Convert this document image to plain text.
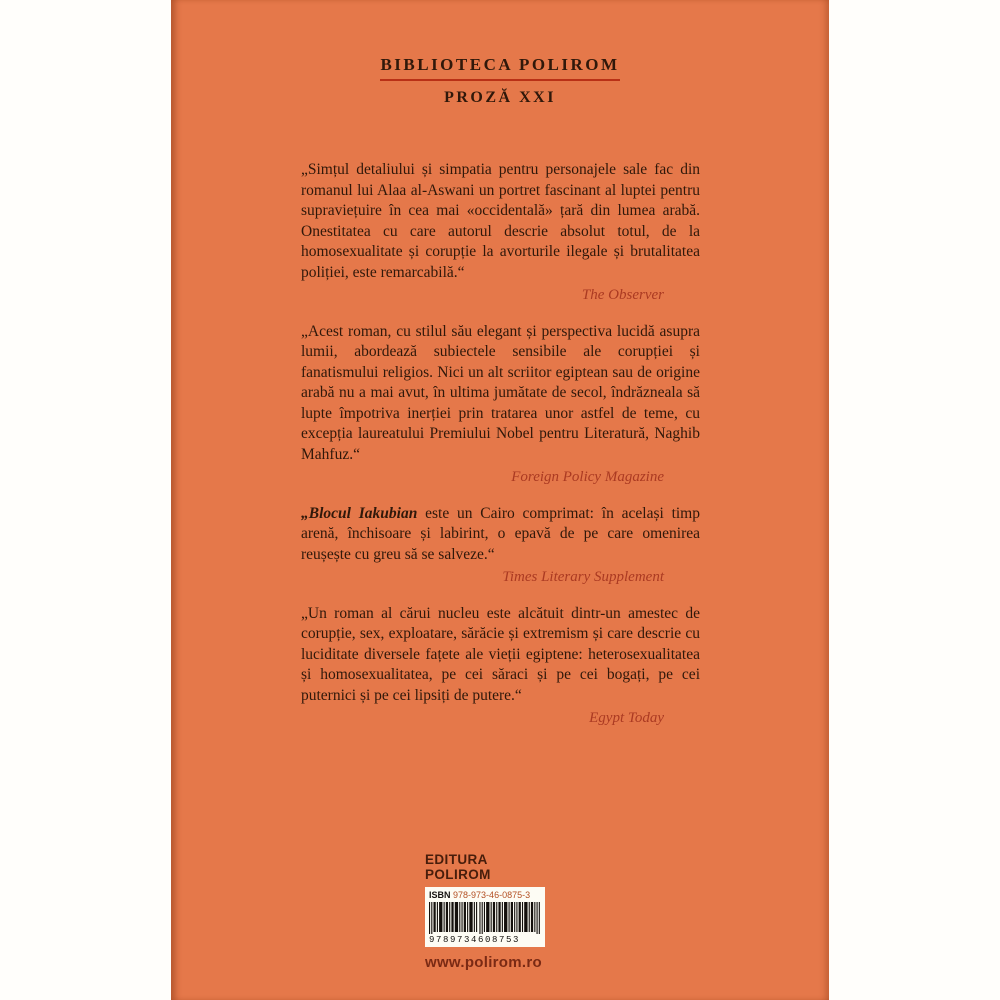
BIBLIOTECA POLIROM
PROZĂ XXI

„Simțul detaliului și simpatia pentru personajele sale fac din romanul lui Alaa al-Aswani un portret fascinant al luptei pentru supraviețuire în cea mai «occidentală» țară din lumea arabă. Onestitatea cu care autorul descrie absolut totul, de la homosexualitate și corupție la avorturile ilegale și brutalitatea poliției, este remarcabilă.“

The Observer

„Acest roman, cu stilul său elegant și perspectiva lucidă asupra lumii, abordează subiectele sensibile ale corupției și fanatismului religios. Nici un alt scriitor egiptean sau de origine arabă nu a mai avut, în ultima jumătate de secol, îndrăzneala să lupte împotriva inerției prin tratarea unor astfel de teme, cu excepția laureatului Premiului Nobel pentru Literatură, Naghib Mahfuz.“

Foreign Policy Magazine

„Blocul Iakubian este un Cairo comprimat: în același timp arenă, închisoare și labirint, o epavă de pe care omenirea reușește cu greu să se salveze.“

Times Literary Supplement

„Un roman al cărui nucleu este alcătuit dintr-un amestec de corupție, sex, exploatare, sărăcie și extremism și care descrie cu luciditate diversele fațete ale vieții egiptene: heterosexualitatea și homosexualitatea, pe cei săraci și pe cei bogați, pe cei puternici și pe cei lipsiți de putere.“

Egypt Today
EDITURA POLIROM
ISBN 978-973-46-0875-3
9789734608753
www.polirom.ro
